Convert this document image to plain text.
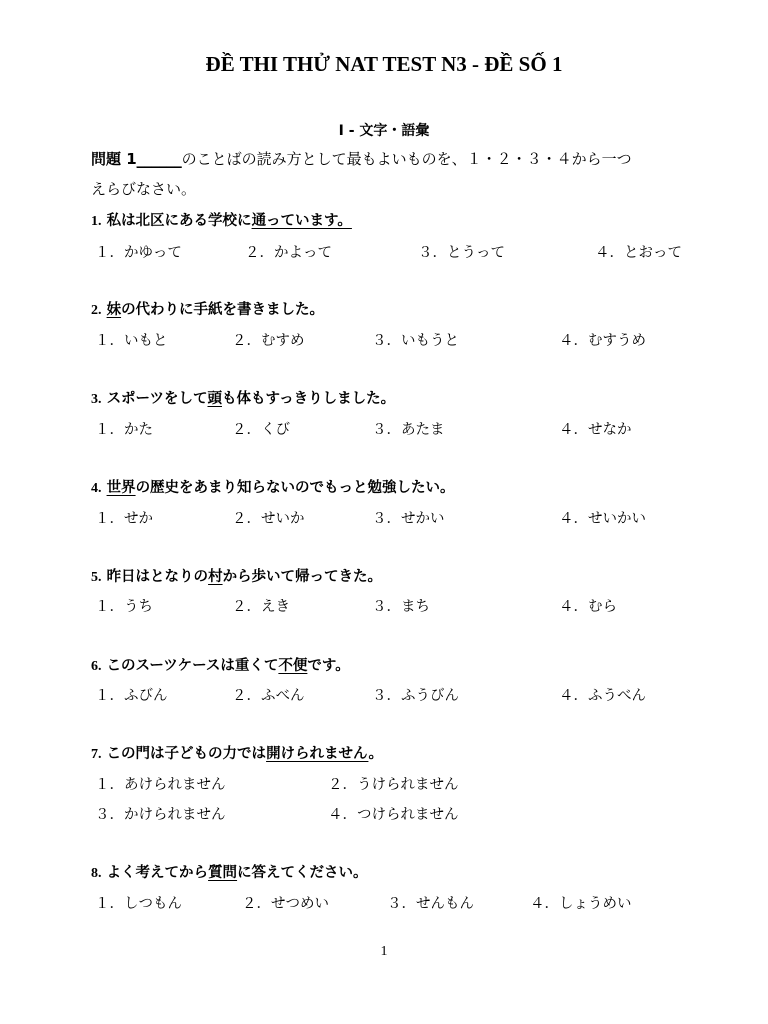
ĐỀ THI THỬ NAT TEST N3 - ĐỀ SỐ 1
I - 文字・語彙
問題 1______のことばの読み方として最もよいものを、１・２・３・４から一つ
えらびなさい。
1. 私は北区にある学校に通っています。
１．かゆって	２．かよって	３．とうって	４．とおって
2. 妹の代わりに手紙を書きました。
１．いもと	２．むすめ	３．いもうと	４．むすうめ
3. スポーツをして頭も体もすっきりしました。
１．かた	２．くび	３．あたま	４．せなか
4. 世界の歴史をあまり知らないのでもっと勉強したい。
１．せか	２．せいか	３．せかい	４．せいかい
5. 昨日はとなりの村から歩いて帰ってきた。
１．うち	２．えき	３．まち	４．むら
6. このスーツケースは重くて不便です。
１．ふびん	２．ふべん	３．ふうびん	４．ふうべん
7. この門は子どもの力では開けられません。
１．あけられません	２．うけられません
３．かけられません	４．つけられません
8. よく考えてから質問に答えてください。
１．しつもん	２．せつめい	３．せんもん	４．しょうめい
1
